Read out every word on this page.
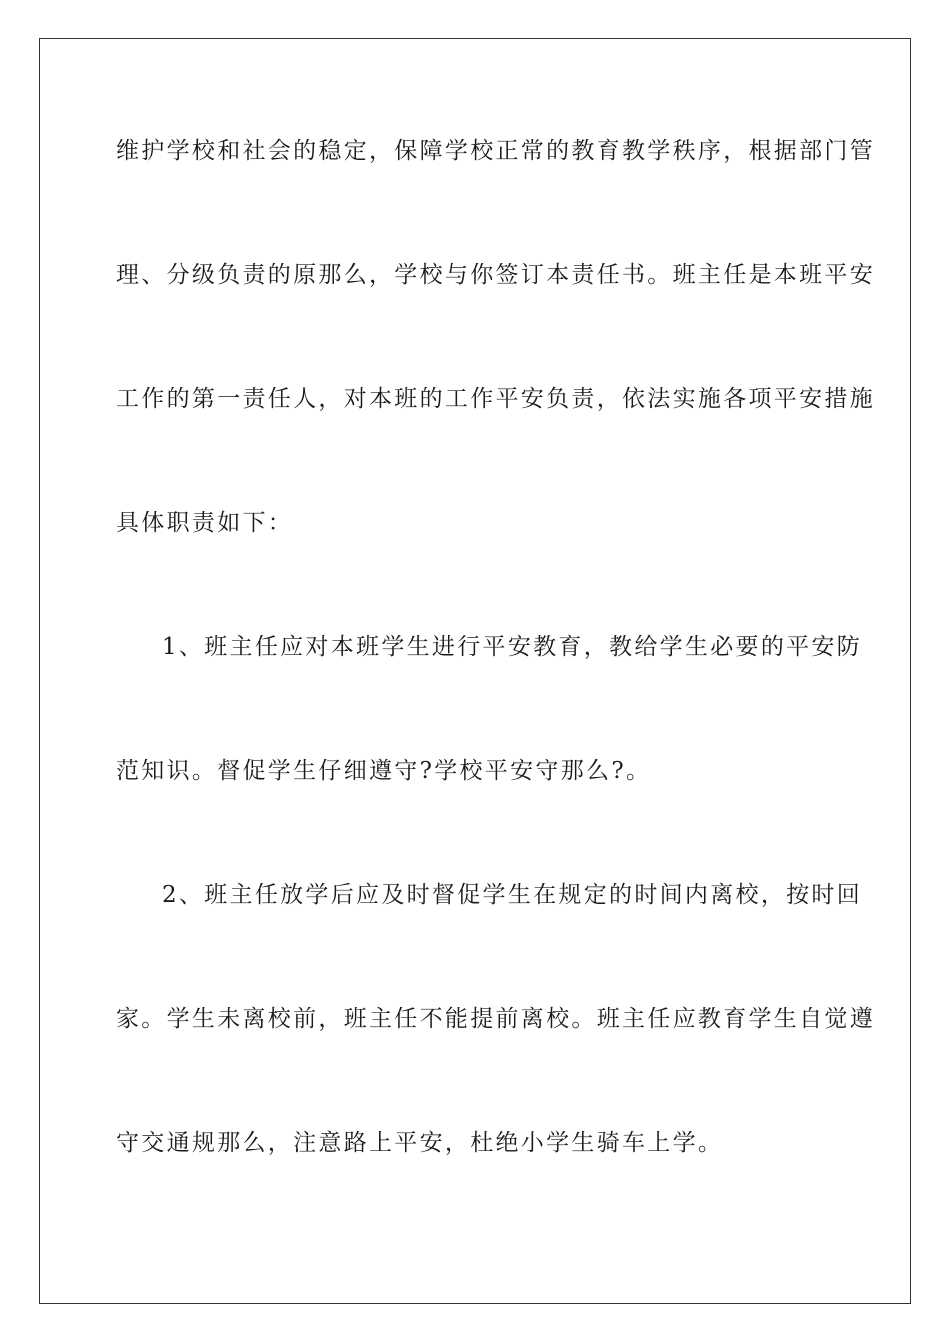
维护学校和社会的稳定，保障学校正常的教育教学秩序，根据部门管
理、分级负责的原那么，学校与你签订本责任书。班主任是本班平安
工作的第一责任人，对本班的工作平安负责，依法实施各项平安措施
具体职责如下：
1、班主任应对本班学生进行平安教育，教给学生必要的平安防
范知识。督促学生仔细遵守?学校平安守那么?。
2、班主任放学后应及时督促学生在规定的时间内离校，按时回
家。学生未离校前，班主任不能提前离校。班主任应教育学生自觉遵
守交通规那么，注意路上平安，杜绝小学生骑车上学。
